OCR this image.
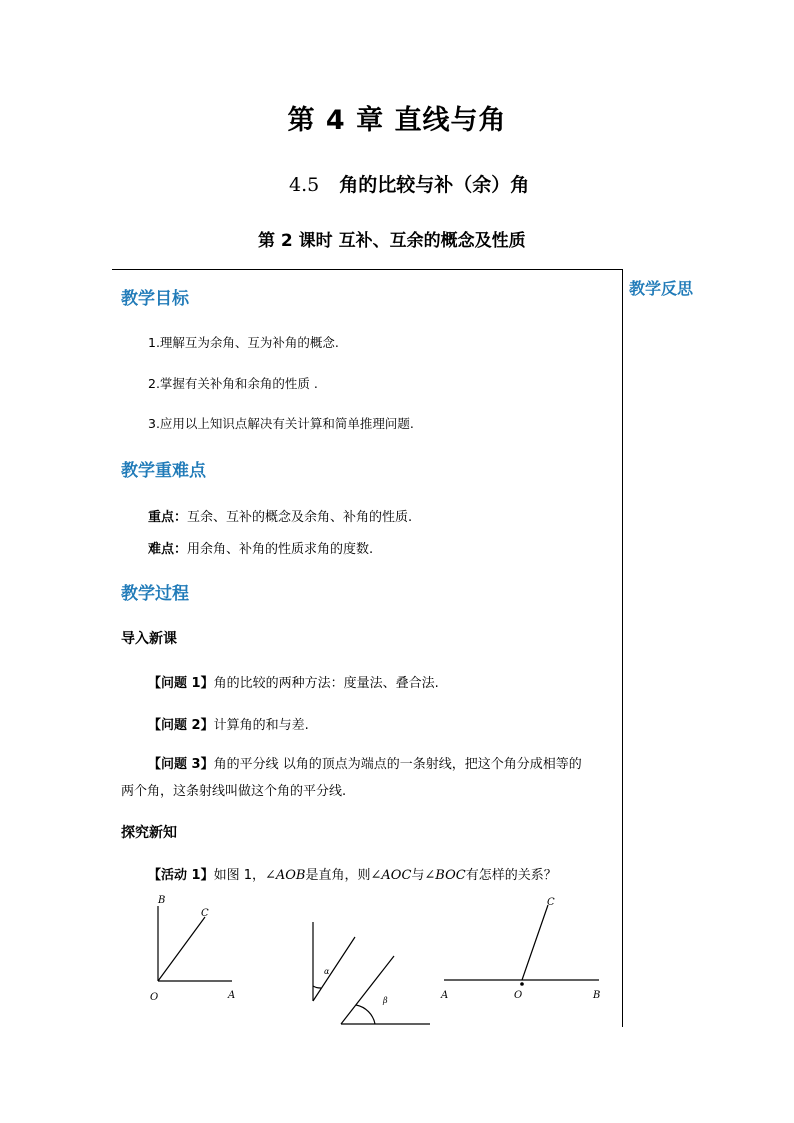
第 4 章 直线与角
4.5 角的比较与补（余）角
第 2 课时 互补、互余的概念及性质
教学反思
教学目标
1.理解互为余角、互为补角的概念.
2.掌握有关补角和余角的性质 .
3.应用以上知识点解决有关计算和简单推理问题.
教学重难点
重点：互余、互补的概念及余角、补角的性质.
难点：用余角、补角的性质求角的度数.
教学过程
导入新课
【问题 1】角的比较的两种方法：度量法、叠合法.
【问题 2】计算角的和与差.
【问题 3】角的平分线 以角的顶点为端点的一条射线，把这个角分成相等的
两个角，这条射线叫做这个角的平分线.
探究新知
【活动 1】如图 1，∠AOB是直角，则∠AOC与∠BOC有怎样的关系？
B
C
O	A
α
β	A	O	B
C
